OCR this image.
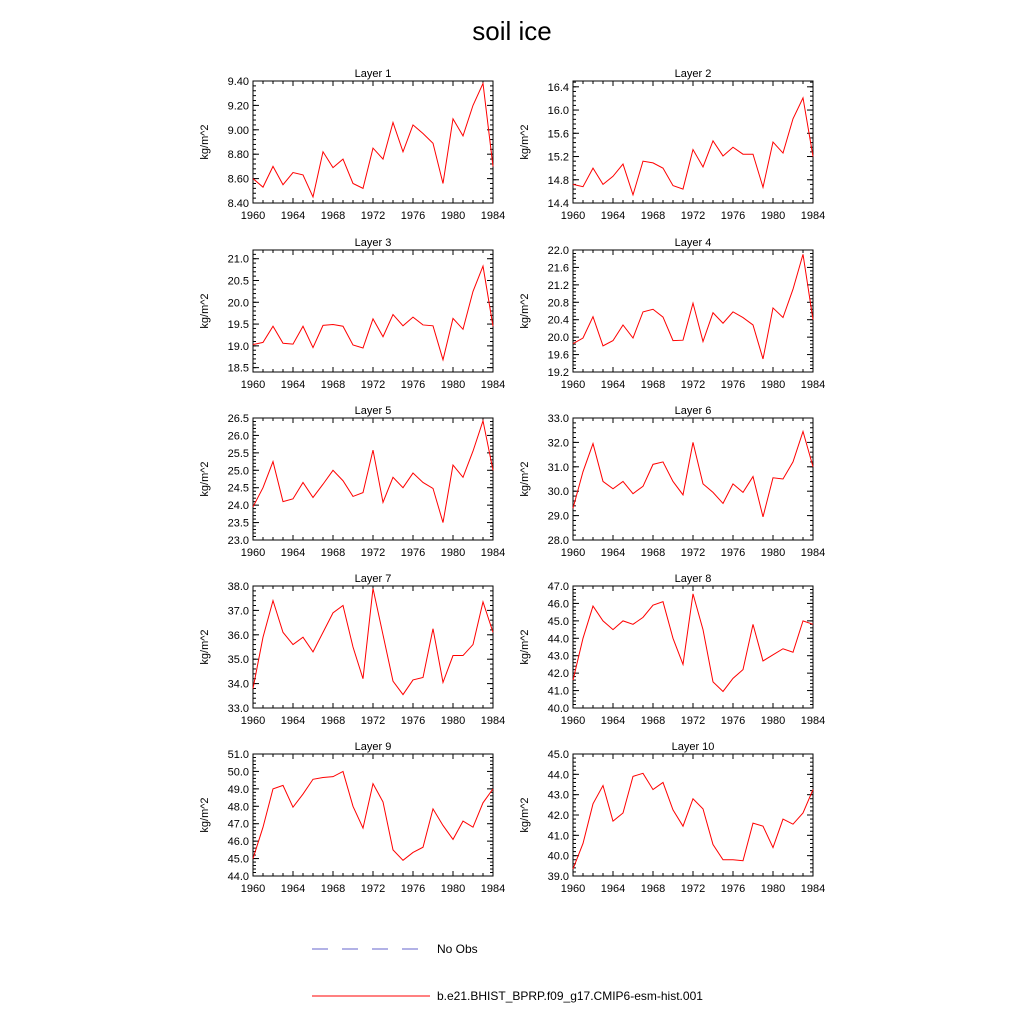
soil ice
Layer 1
kg/m^2
1960 1964 1968 1972 1976 1980 1984
8.40
8.60
8.80
9.00
9.20
9.40
Layer 2
kg/m^2
1960 1964 1968 1972 1976 1980 1984
14.4
14.8
15.2
15.6
16.0
16.4
Layer 3
kg/m^2
1960 1964 1968 1972 1976 1980 1984
18.5
19.0
19.5
20.0
20.5
21.0
Layer 4
kg/m^2
1960 1964 1968 1972 1976 1980 1984
19.2
19.6
20.0
20.4
20.8
21.2
21.6
22.0
Layer 5
kg/m^2
1960 1964 1968 1972 1976 1980 1984
23.0
23.5
24.0
24.5
25.0
25.5
26.0
26.5
Layer 6
kg/m^2
1960 1964 1968 1972 1976 1980 1984
28.0
29.0
30.0
31.0
32.0
33.0
Layer 7
kg/m^2
1960 1964 1968 1972 1976 1980 1984
33.0
34.0
35.0
36.0
37.0
38.0
Layer 8
kg/m^2
1960 1964 1968 1972 1976 1980 1984
40.0
41.0
42.0
43.0
44.0
45.0
46.0
47.0
Layer 9
kg/m^2
1960 1964 1968 1972 1976 1980 1984
44.0
45.0
46.0
47.0
48.0
49.0
50.0
51.0
Layer 10
kg/m^2
1960 1964 1968 1972 1976 1980 1984
39.0
40.0
41.0
42.0
43.0
44.0
45.0
No Obs
b.e21.BHIST_BPRP.f09_g17.CMIP6-esm-hist.001
